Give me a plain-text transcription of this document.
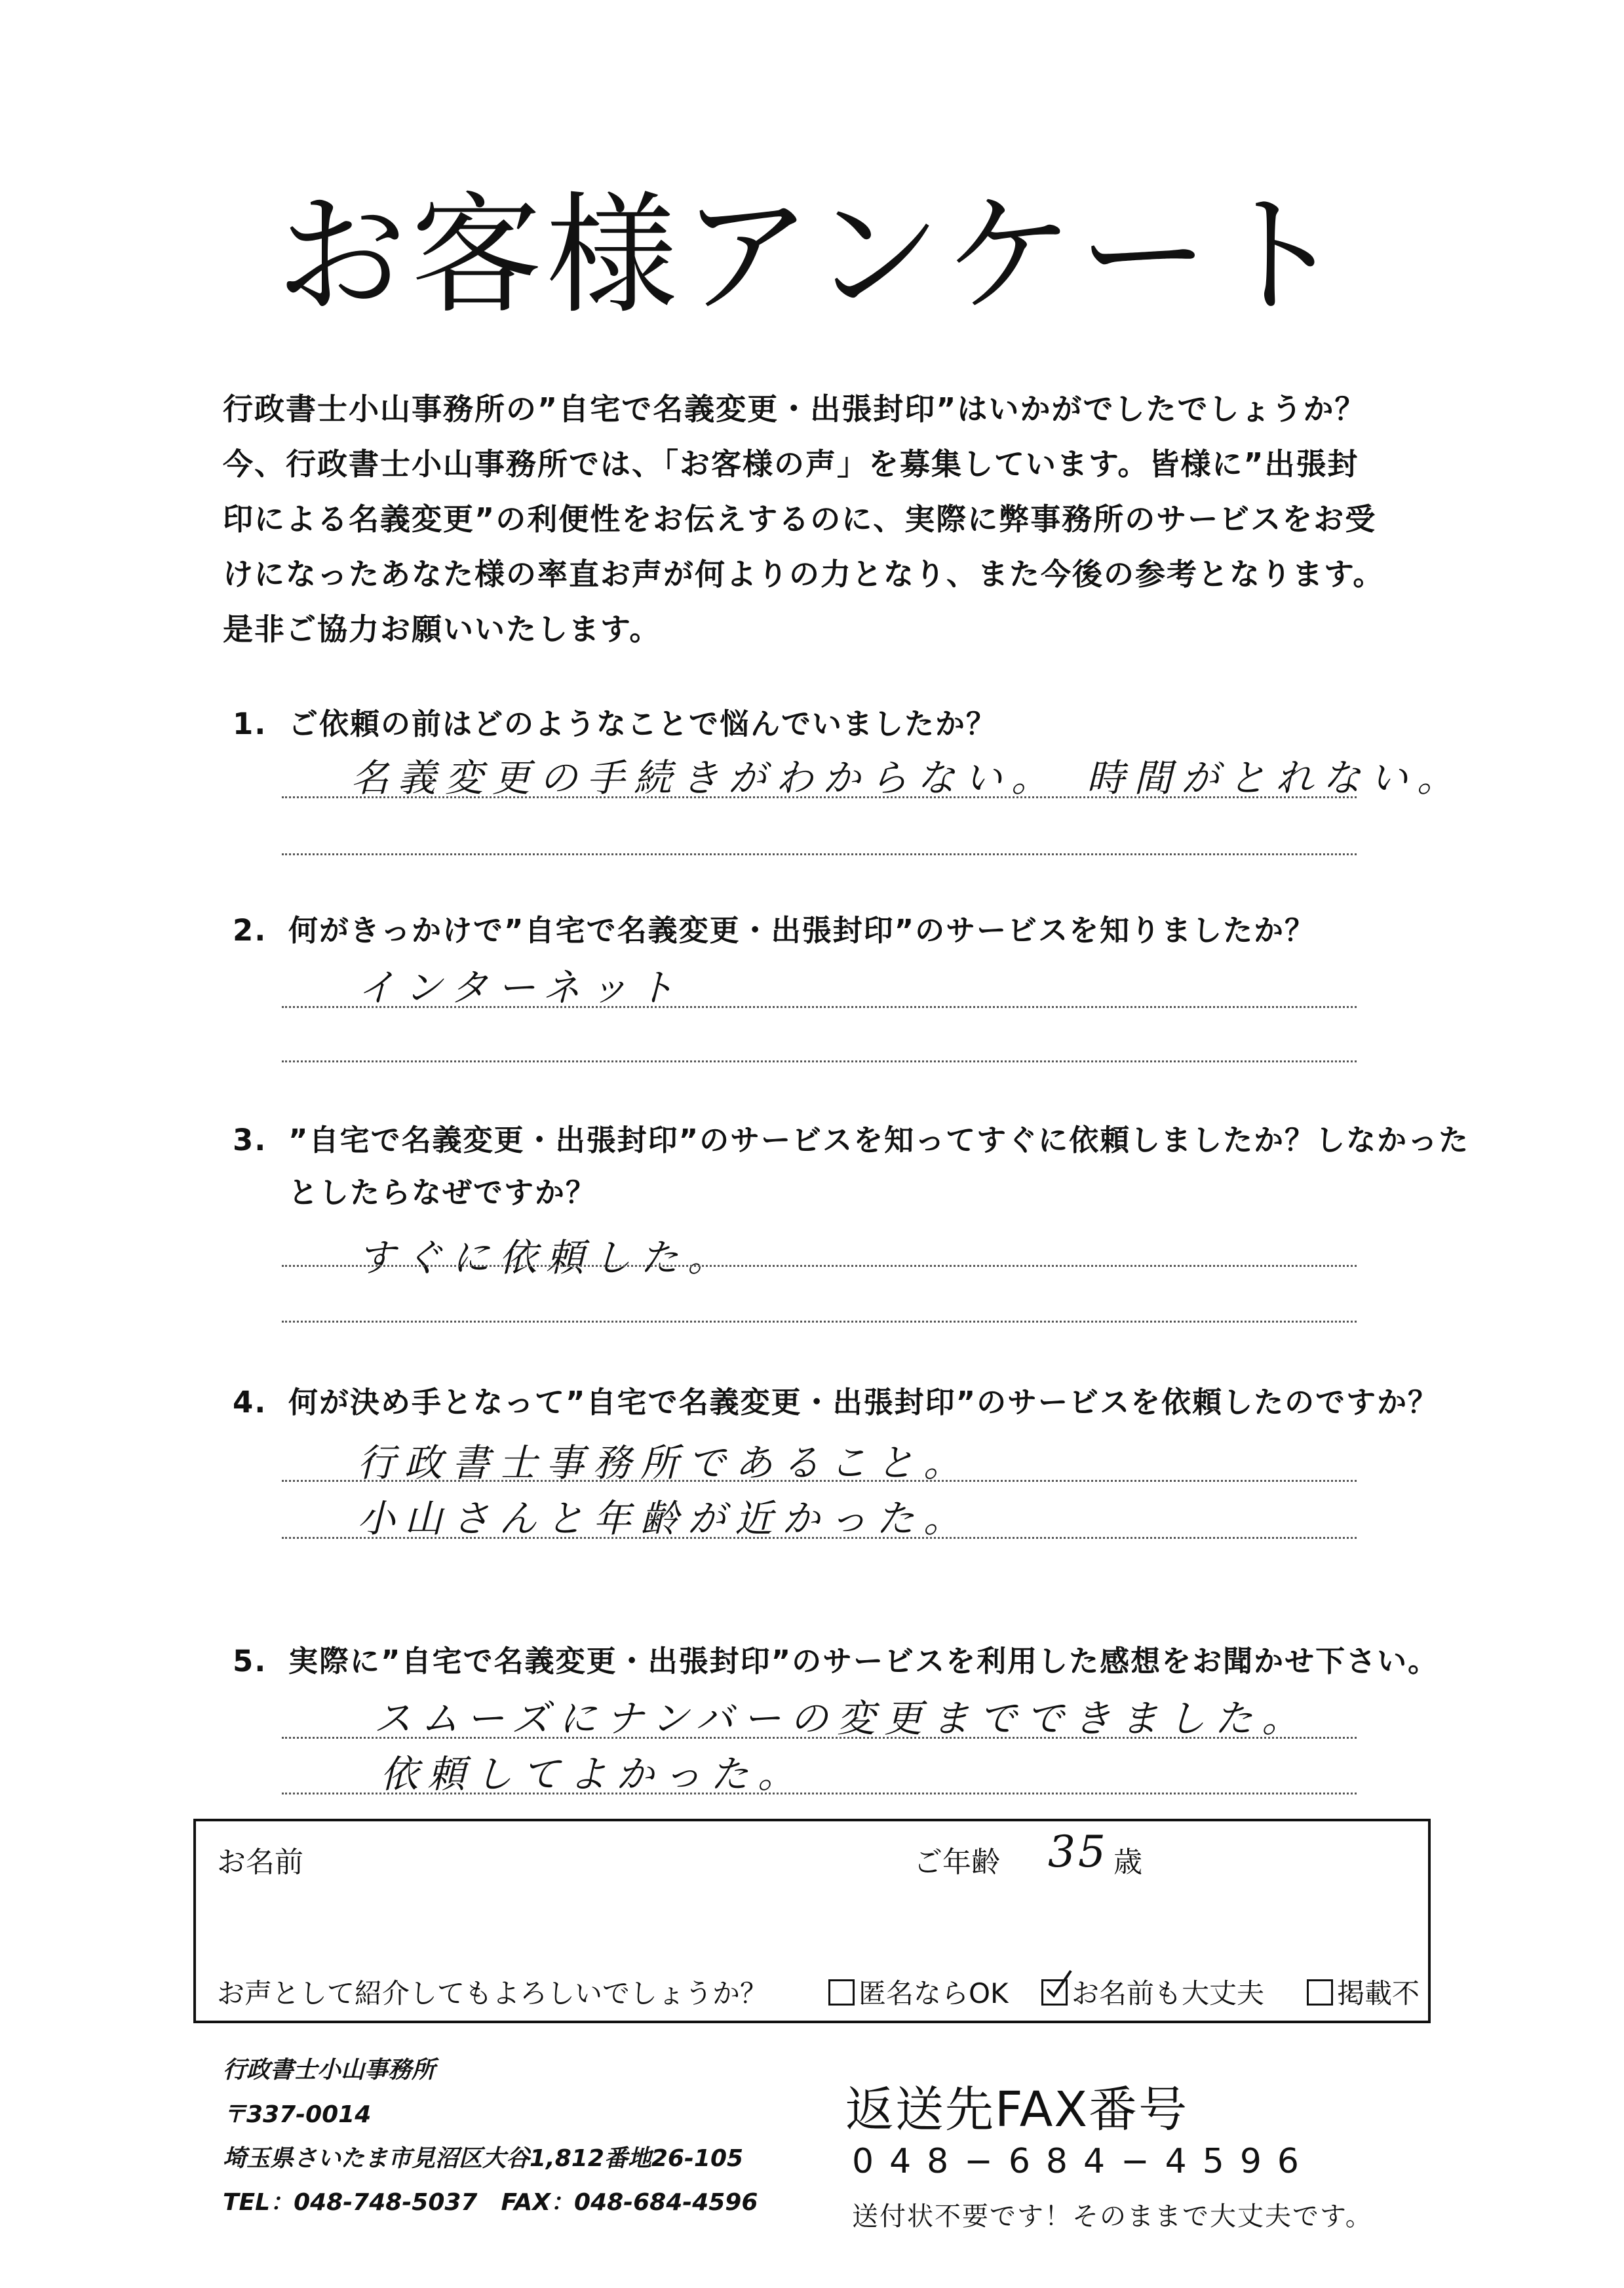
お客様アンケート
行政書士小山事務所の”自宅で名義変更・出張封印”はいかがでしたでしょうか？
今、行政書士小山事務所では、「お客様の声」を募集しています。皆様に”出張封
印による名義変更”の利便性をお伝えするのに、実際に弊事務所のサービスをお受
けになったあなた様の率直お声が何よりの力となり、また今後の参考となります。
是非ご協力お願いいたします。
1. ご依頼の前はどのようなことで悩んでいましたか？
名義変更の手続きがわからない。　時間がとれない。
2. 何がきっかけで”自宅で名義変更・出張封印”のサービスを知りましたか？
インターネット
3. ”自宅で名義変更・出張封印”のサービスを知ってすぐに依頼しましたか？しなかった
としたらなぜですか？
すぐに依頼した。
4. 何が決め手となって”自宅で名義変更・出張封印”のサービスを依頼したのですか？
行政書士事務所であること。
小山さんと年齢が近かった。
5. 実際に”自宅で名義変更・出張封印”のサービスを利用した感想をお聞かせ下さい。
スムーズにナンバーの変更までできました。
依頼してよかった。
お名前	ご年齢 35 歳
お声として紹介してもよろしいでしょうか？	匿名ならOK	お名前も大丈夫	掲載不
行政書士小山事務所
〒337-0014
埼玉県さいたま市見沼区大谷1,812番地26-105
TEL：048-748-5037　FAX：048-684-4596
返送先FAX番号
048−684−4596
送付状不要です！そのままで大丈夫です。
